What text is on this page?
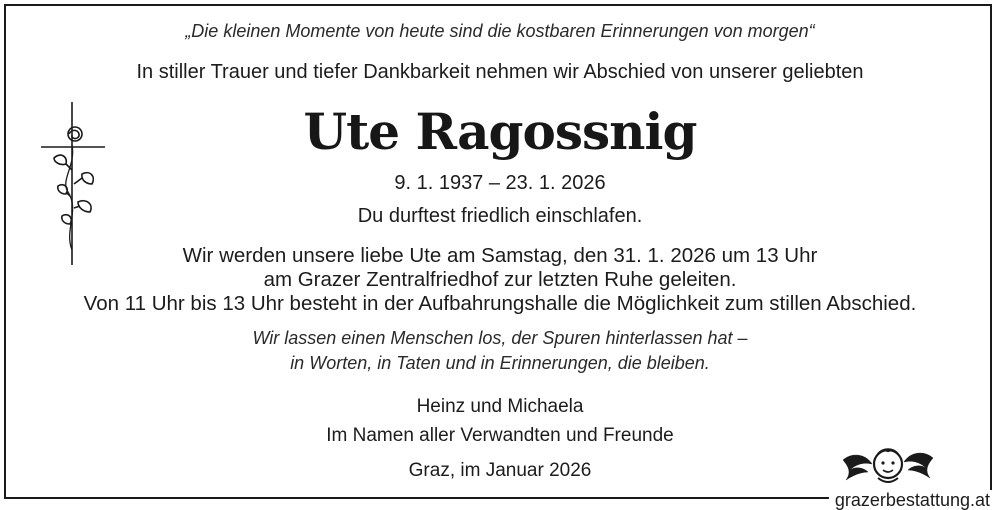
„Die kleinen Momente von heute sind die kostbaren Erinnerungen von morgen“
In stiller Trauer und tiefer Dankbarkeit nehmen wir Abschied von unserer geliebten
Ute Ragossnig
9. 1. 1937 – 23. 1. 2026
Du durftest friedlich einschlafen.
Wir werden unsere liebe Ute am Samstag, den 31. 1. 2026 um 13 Uhr
am Grazer Zentralfriedhof zur letzten Ruhe geleiten.
Von 11 Uhr bis 13 Uhr besteht in der Aufbahrungshalle die Möglichkeit zum stillen Abschied.
Wir lassen einen Menschen los, der Spuren hinterlassen hat –
in Worten, in Taten und in Erinnerungen, die bleiben.
Heinz und Michaela
Im Namen aller Verwandten und Freunde
Graz, im Januar 2026
grazerbestattung.at
